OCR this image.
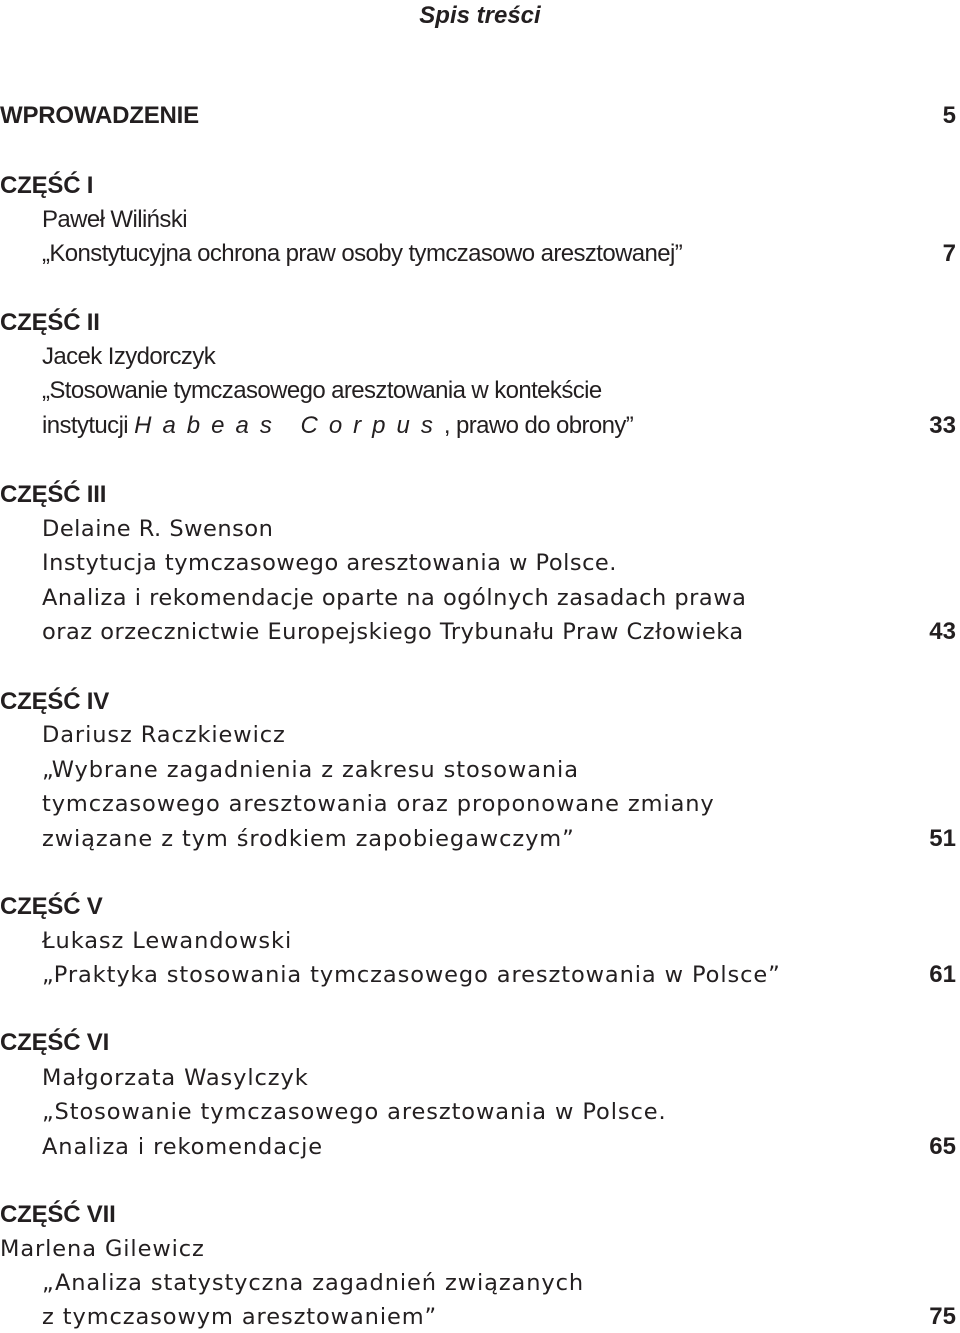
Spis treści
WPROWADZENIE	5
CZĘŚĆ I
Paweł Wiliński
„Konstytucyjna ochrona praw osoby tymczasowo aresztowanej”	7
CZĘŚĆ II
Jacek Izydorczyk
„Stosowanie tymczasowego aresztowania w kontekście
instytucji Habeas Corpus, prawo do obrony”	33
CZĘŚĆ III
Delaine R. Swenson
Instytucja tymczasowego aresztowania w Polsce.
Analiza i rekomendacje oparte na ogólnych zasadach prawa
oraz orzecznictwie Europejskiego Trybunału Praw Człowieka	43
CZĘŚĆ IV
Dariusz Raczkiewicz
„Wybrane zagadnienia z zakresu stosowania
tymczasowego aresztowania oraz proponowane zmiany
związane z tym środkiem zapobiegawczym”	51
CZĘŚĆ V
Łukasz Lewandowski
„Praktyka stosowania tymczasowego aresztowania w Polsce”	61
CZĘŚĆ VI
Małgorzata Wasylczyk
„Stosowanie tymczasowego aresztowania w Polsce.
Analiza i rekomendacje	65
CZĘŚĆ VII
Marlena Gilewicz
„Analiza statystyczna zagadnień związanych
z tymczasowym aresztowaniem”	75
